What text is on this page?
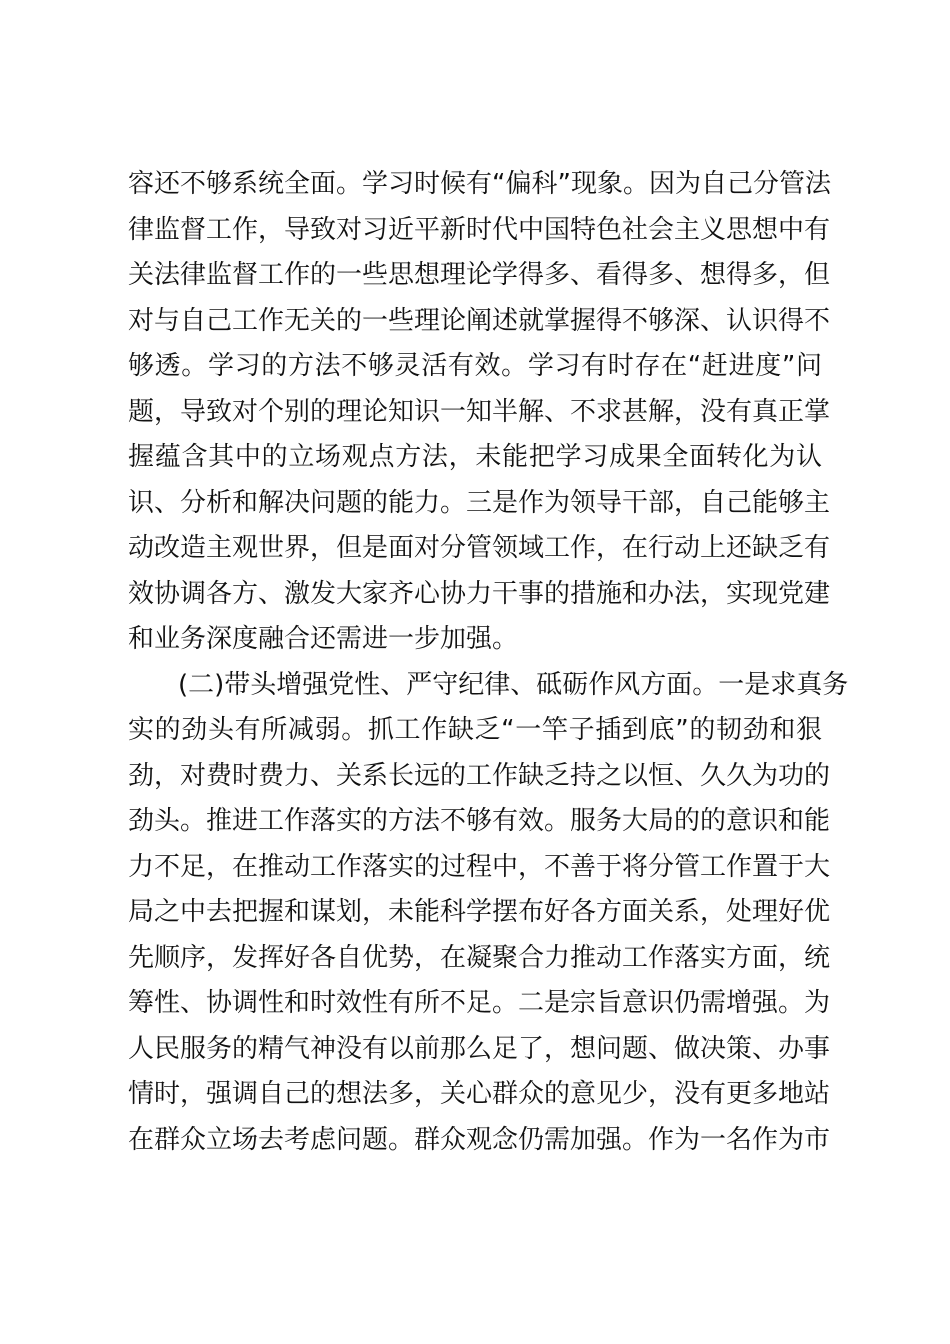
容还不够系统全面。学习时候有“偏科”现象。因为自己分管法
律监督工作，导致对习近平新时代中国特色社会主义思想中有
关法律监督工作的一些思想理论学得多、看得多、想得多，但
对与自己工作无关的一些理论阐述就掌握得不够深、认识得不
够透。学习的方法不够灵活有效。学习有时存在“赶进度”问
题，导致对个别的理论知识一知半解、不求甚解，没有真正掌
握蕴含其中的立场观点方法，未能把学习成果全面转化为认
识、分析和解决问题的能力。三是作为领导干部，自己能够主
动改造主观世界，但是面对分管领域工作，在行动上还缺乏有
效协调各方、激发大家齐心协力干事的措施和办法，实现党建
和业务深度融合还需进一步加强。
(二)带头增强党性、严守纪律、砥砺作风方面。一是求真务
实的劲头有所减弱。抓工作缺乏“一竿子插到底”的韧劲和狠
劲，对费时费力、关系长远的工作缺乏持之以恒、久久为功的
劲头。推进工作落实的方法不够有效。服务大局的的意识和能
力不足，在推动工作落实的过程中，不善于将分管工作置于大
局之中去把握和谋划，未能科学摆布好各方面关系，处理好优
先顺序，发挥好各自优势，在凝聚合力推动工作落实方面，统
筹性、协调性和时效性有所不足。二是宗旨意识仍需增强。为
人民服务的精气神没有以前那么足了，想问题、做决策、办事
情时，强调自己的想法多，关心群众的意见少，没有更多地站
在群众立场去考虑问题。群众观念仍需加强。作为一名作为市
